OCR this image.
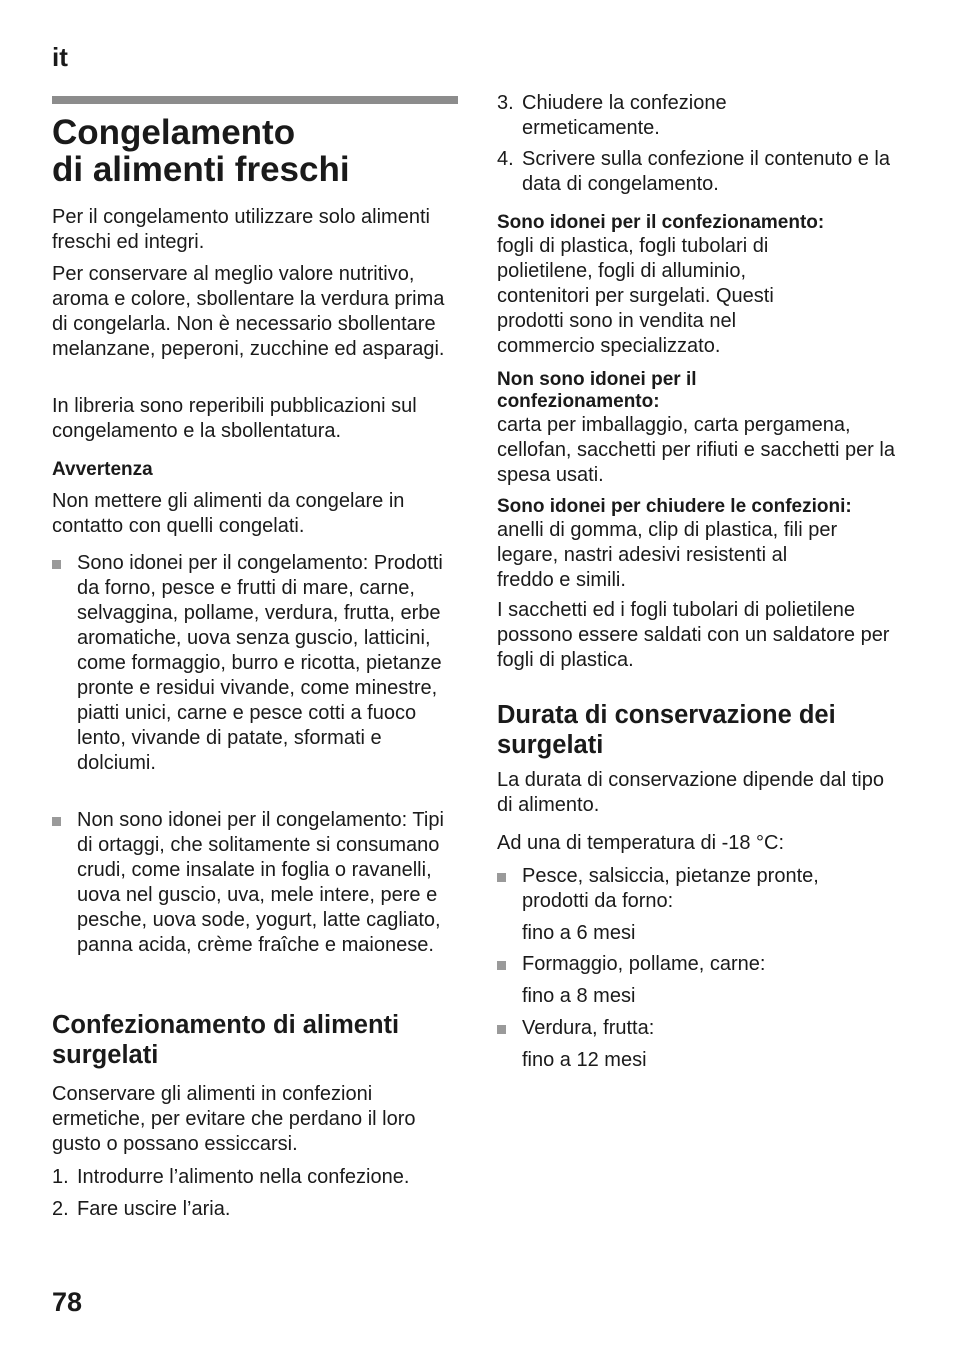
it
Congelamento
di alimenti freschi

Per il congelamento utilizzare solo alimenti freschi ed integri.

Per conservare al meglio valore nutritivo, aroma e colore, sbollentare la verdura prima di congelarla. Non è necessario sbollentare melanzane, peperoni, zucchine ed asparagi.

In libreria sono reperibili pubblicazioni sul congelamento e la sbollentatura.

Avvertenza
Non mettere gli alimenti da congelare in contatto con quelli congelati.

Sono idonei per il congelamento: Prodotti da forno, pesce e frutti di mare, carne, selvaggina, pollame, verdura, frutta, erbe aromatiche, uova senza guscio, latticini, come formaggio, burro e ricotta, pietanze pronte e residui vivande, come minestre, piatti unici, carne e pesce cotti a fuoco lento, vivande di patate, sformati e dolciumi.

Non sono idonei per il congelamento: Tipi di ortaggi, che solitamente si consumano crudi, come insalate in foglia o ravanelli, uova nel guscio, uva, mele intere, pere e pesche, uova sode, yogurt, latte cagliato, panna acida, crème fraîche e maionese.

Confezionamento di alimenti surgelati

Conservare gli alimenti in confezioni ermetiche, per evitare che perdano il loro gusto o possano essiccarsi.

1. Introdurre l’alimento nella confezione.

2. Fare uscire l’aria.

3. Chiudere la confezione ermeticamente.

4. Scrivere sulla confezione il contenuto e la data di congelamento.

Sono idonei per il confezionamento:
fogli di plastica, fogli tubolari di polietilene, fogli di alluminio, contenitori per surgelati. Questi prodotti sono in vendita nel commercio specializzato.
Non sono idonei per il confezionamento:
carta per imballaggio, carta pergamena, cellofan, sacchetti per rifiuti e sacchetti per la spesa usati.
Sono idonei per chiudere le confezioni:
anelli di gomma, clip di plastica, fili per legare, nastri adesivi resistenti al freddo e simili.

I sacchetti ed i fogli tubolari di polietilene possono essere saldati con un saldatore per fogli di plastica.

Durata di conservazione dei surgelati

La durata di conservazione dipende dal tipo di alimento.

Ad una di temperatura di -18 °C:

Pesce, salsiccia, pietanze pronte, prodotti da forno:

fino a 6 mesi

Formaggio, pollame, carne:

fino a 8 mesi

Verdura, frutta:

fino a 12 mesi

78
